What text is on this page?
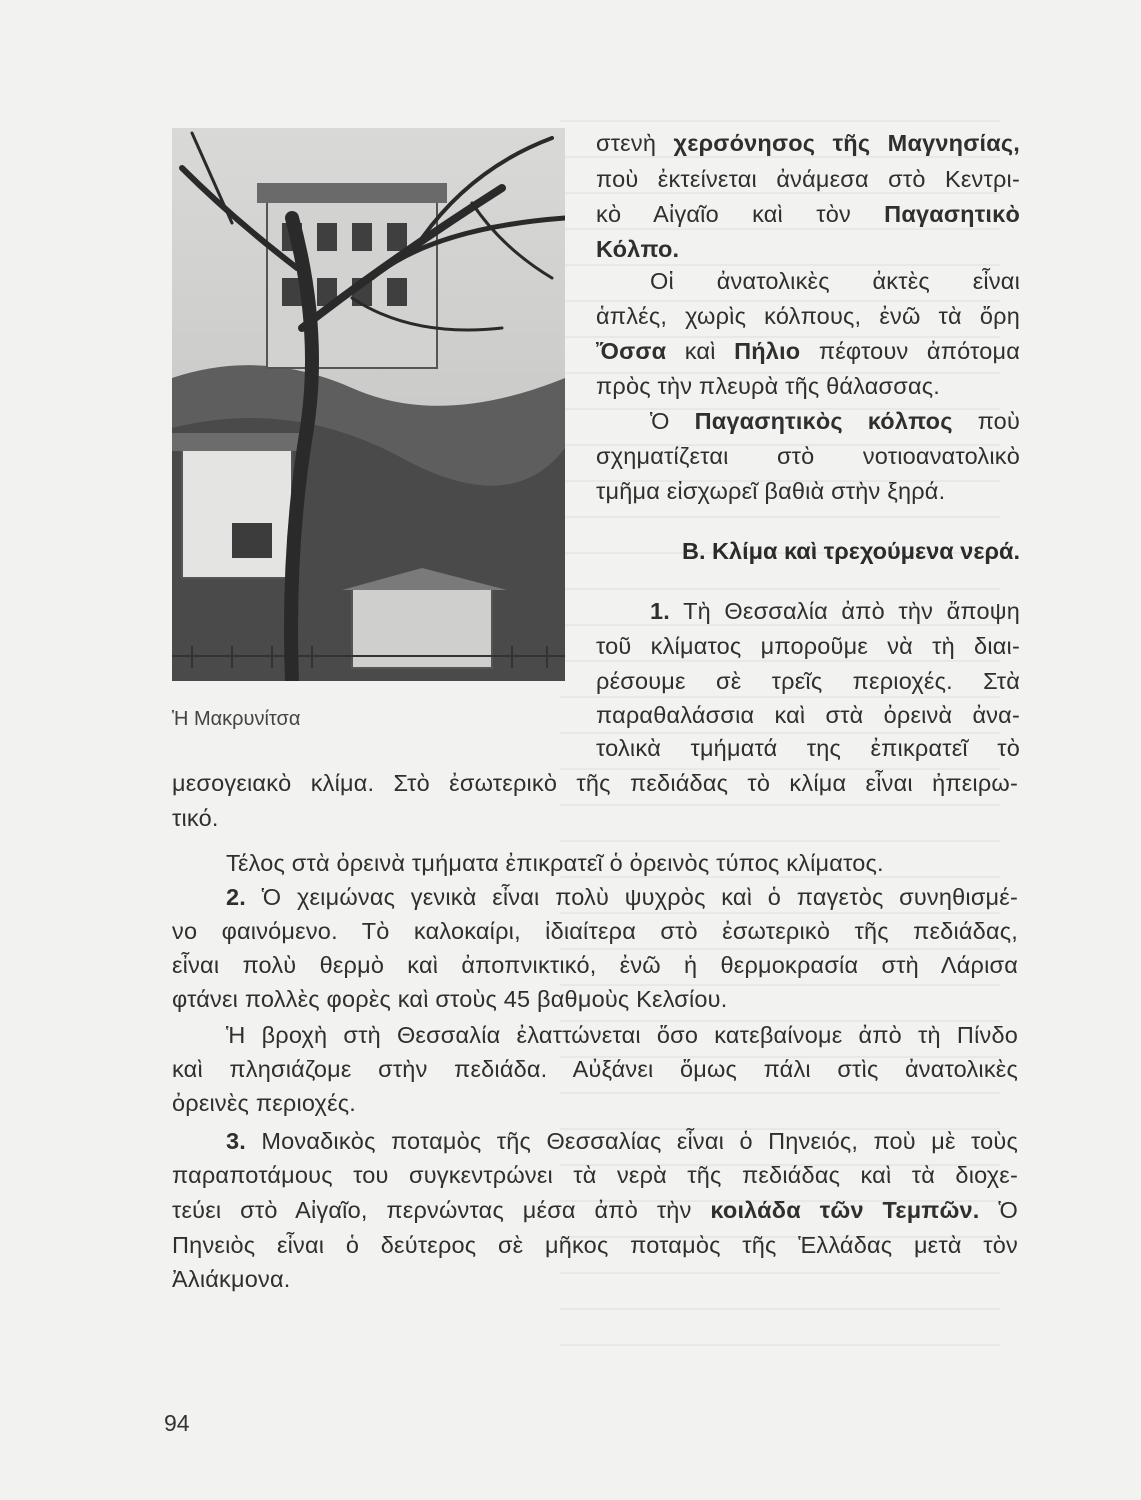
Ἡ Μακρυνίτσα
στενὴ χερσόνησος τῆς Μαγνησίας,
ποὺ ἐκτείνεται ἀνάμεσα στὸ Κεντρι-
κὸ Αἰγαῖο καὶ τὸν Παγασητικὸ
Κόλπο.
Οἱ ἀνατολικὲς ἀκτὲς εἶναι
ἁπλές, χωρὶς κόλπους, ἐνῶ τὰ ὄρη
Ὄσσα καὶ Πήλιο πέφτουν ἀπότομα
πρὸς τὴν πλευρὰ τῆς θάλασσας.
Ὁ Παγασητικὸς κόλπος ποὺ
σχηματίζεται στὸ νοτιοανατολικὸ
τμῆμα εἰσχωρεῖ βαθιὰ στὴν ξηρά.
1. Τὴ Θεσσαλία ἀπὸ τὴν ἄποψη
τοῦ κλίματος μποροῦμε νὰ τὴ διαι-
ρέσουμε σὲ τρεῖς περιοχές. Στὰ
παραθαλάσσια καὶ στὰ ὀρεινὰ ἀνα-
τολικὰ τμήματά της ἐπικρατεῖ τὸ
Β. Κλίμα καὶ τρεχούμενα νερά.
μεσογειακὸ κλίμα. Στὸ ἐσωτερικὸ τῆς πεδιάδας τὸ κλίμα εἶναι ἠπειρω-
τικό.
Τέλος στὰ ὀρεινὰ τμήματα ἐπικρατεῖ ὁ ὀρεινὸς τύπος κλίματος.
2. Ὁ χειμώνας γενικὰ εἶναι πολὺ ψυχρὸς καὶ ὁ παγετὸς συνηθισμέ-
νο φαινόμενο. Τὸ καλοκαίρι, ἰδιαίτερα στὸ ἐσωτερικὸ τῆς πεδιάδας,
εἶναι πολὺ θερμὸ καὶ ἀποπνικτικό, ἐνῶ ἡ θερμοκρασία στὴ Λάρισα
φτάνει πολλὲς φορὲς καὶ στοὺς 45 βαθμοὺς Κελσίου.
Ἡ βροχὴ στὴ Θεσσαλία ἐλαττώνεται ὅσο κατεβαίνομε ἀπὸ τὴ Πίνδο
καὶ πλησιάζομε στὴν πεδιάδα. Αὐξάνει ὅμως πάλι στὶς ἀνατολικὲς
ὀρεινὲς περιοχές.
3. Μοναδικὸς ποταμὸς τῆς Θεσσαλίας εἶναι ὁ Πηνειός, ποὺ μὲ τοὺς
παραποτάμους του συγκεντρώνει τὰ νερὰ τῆς πεδιάδας καὶ τὰ διοχε-
τεύει στὸ Αἰγαῖο, περνώντας μέσα ἀπὸ τὴν κοιλάδα τῶν Τεμπῶν. Ὁ
Πηνειὸς εἶναι ὁ δεύτερος σὲ μῆκος ποταμὸς τῆς Ἑλλάδας μετὰ τὸν
Ἀλιάκμονα.
94
